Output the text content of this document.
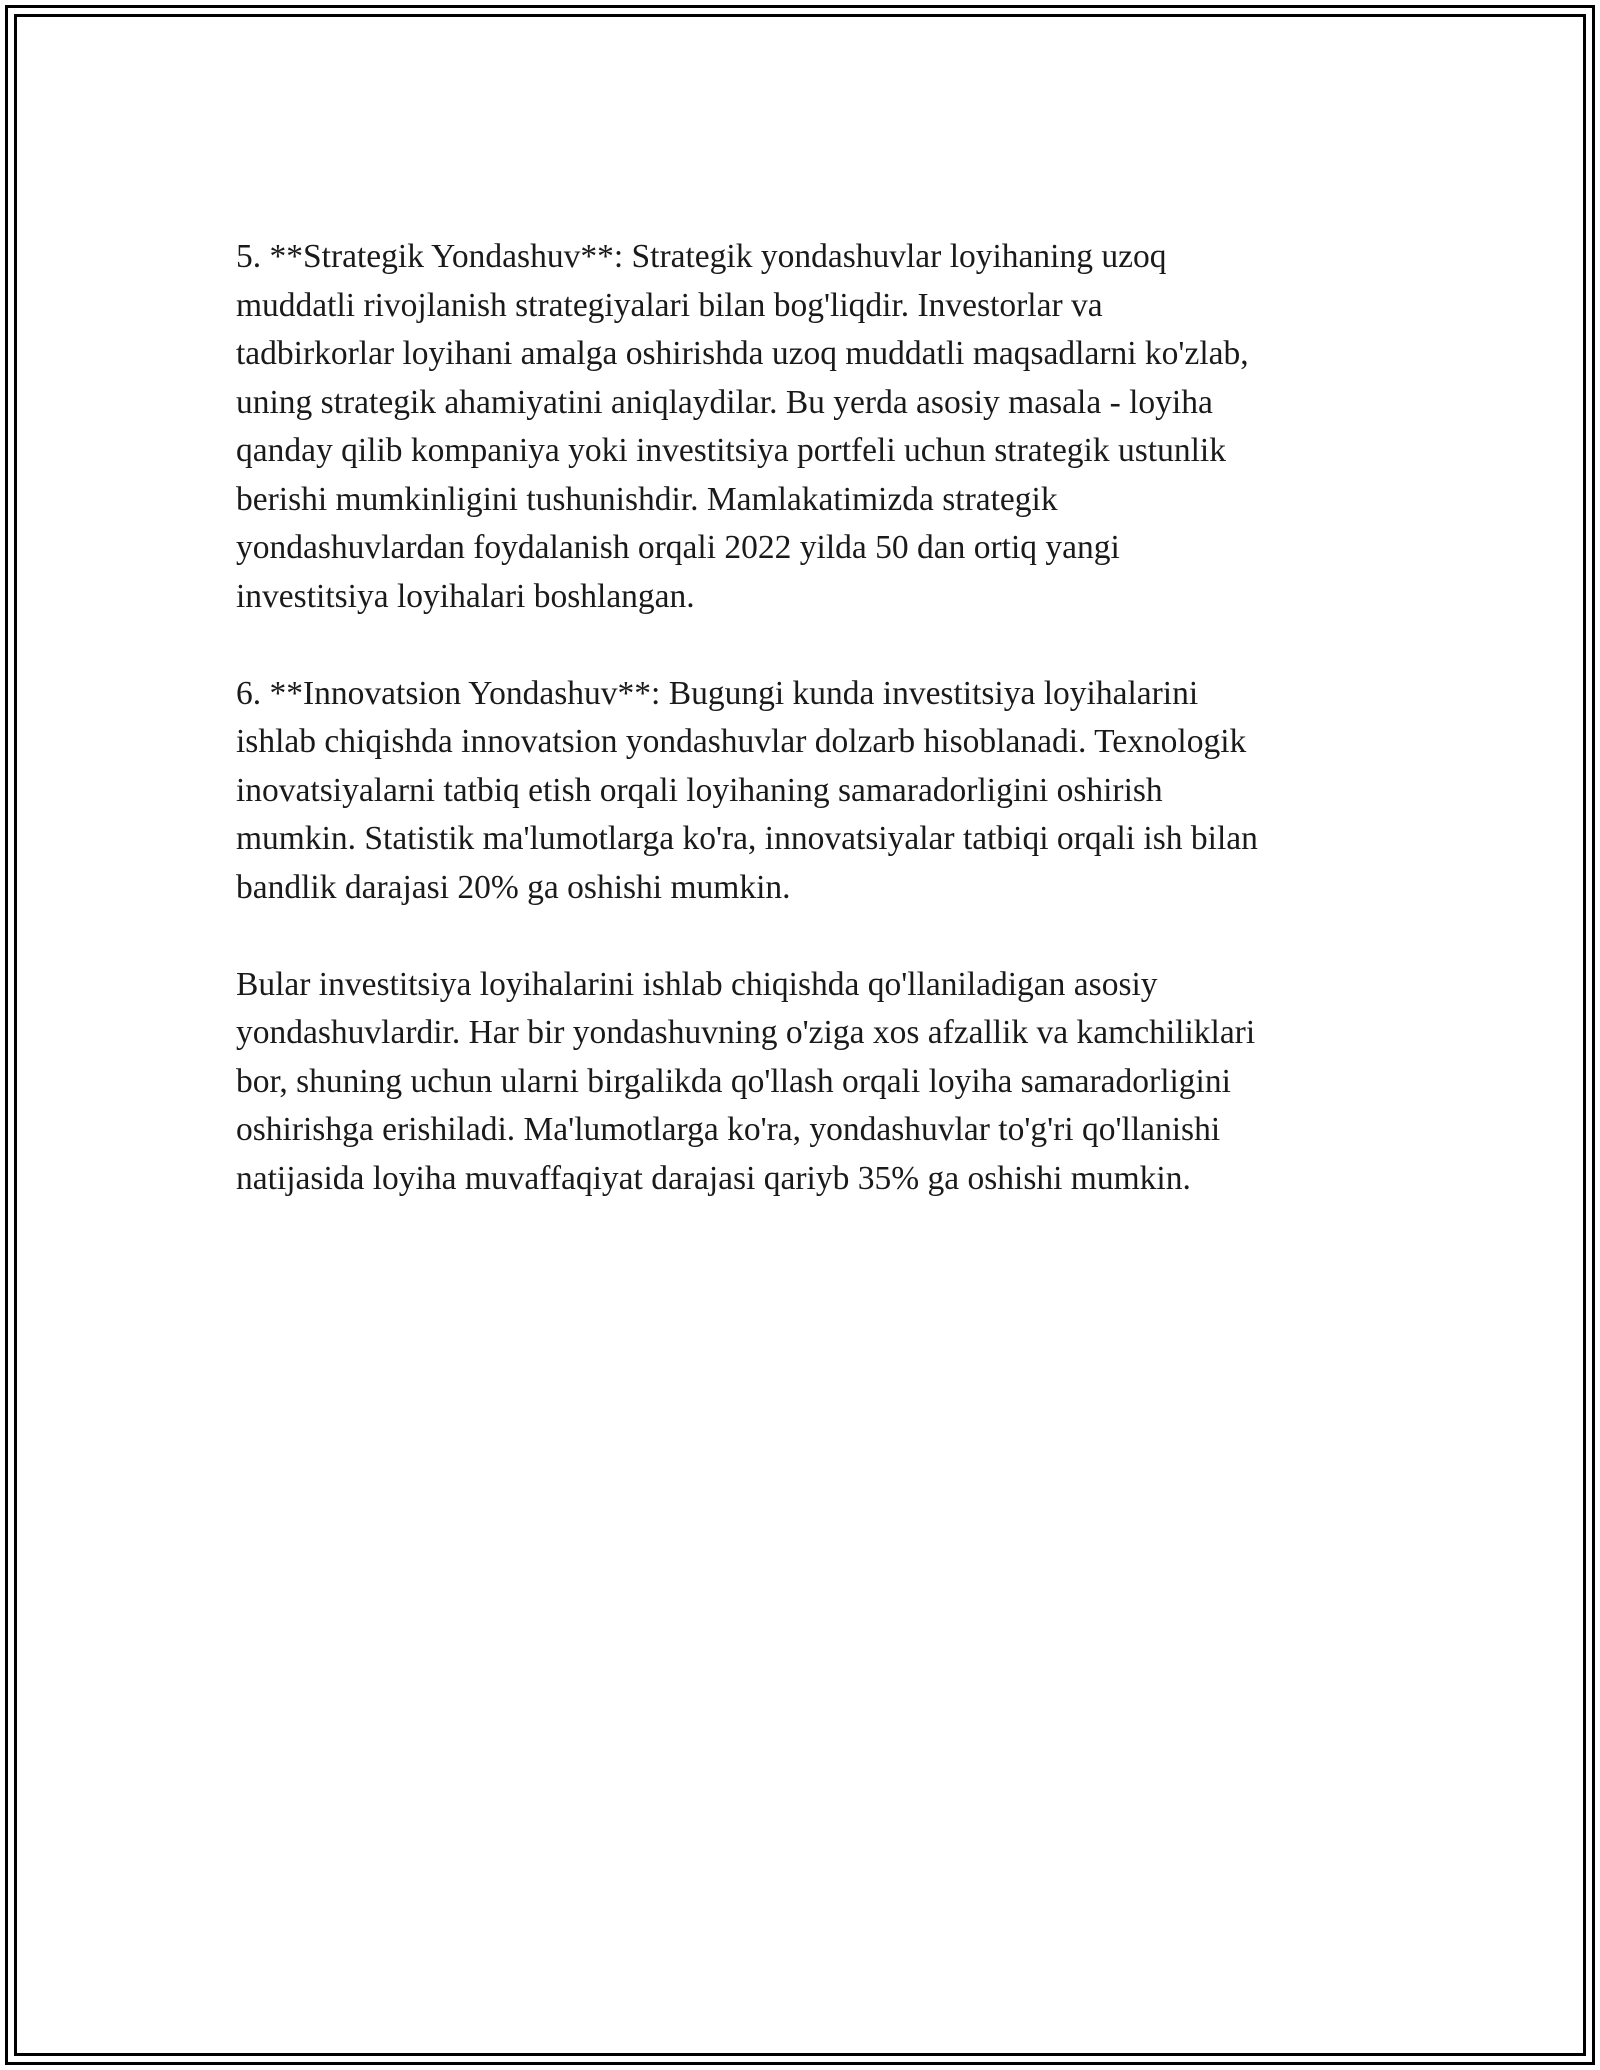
5. **Strategik Yondashuv**: Strategik yondashuvlar loyihaning uzoq
muddatli rivojlanish strategiyalari bilan bog'liqdir. Investorlar va
tadbirkorlar loyihani amalga oshirishda uzoq muddatli maqsadlarni ko'zlab,
uning strategik ahamiyatini aniqlaydilar. Bu yerda asosiy masala - loyiha
qanday qilib kompaniya yoki investitsiya portfeli uchun strategik ustunlik
berishi mumkinligini tushunishdir. Mamlakatimizda strategik
yondashuvlardan foydalanish orqali 2022 yilda 50 dan ortiq yangi
investitsiya loyihalari boshlangan.

6. **Innovatsion Yondashuv**: Bugungi kunda investitsiya loyihalarini
ishlab chiqishda innovatsion yondashuvlar dolzarb hisoblanadi. Texnologik
inovatsiyalarni tatbiq etish orqali loyihaning samaradorligini oshirish
mumkin. Statistik ma'lumotlarga ko'ra, innovatsiyalar tatbiqi orqali ish bilan
bandlik darajasi 20% ga oshishi mumkin.

Bular investitsiya loyihalarini ishlab chiqishda qo'llaniladigan asosiy
yondashuvlardir. Har bir yondashuvning o'ziga xos afzallik va kamchiliklari
bor, shuning uchun ularni birgalikda qo'llash orqali loyiha samaradorligini
oshirishga erishiladi. Ma'lumotlarga ko'ra, yondashuvlar to'g'ri qo'llanishi
natijasida loyiha muvaffaqiyat darajasi qariyb 35% ga oshishi mumkin.
